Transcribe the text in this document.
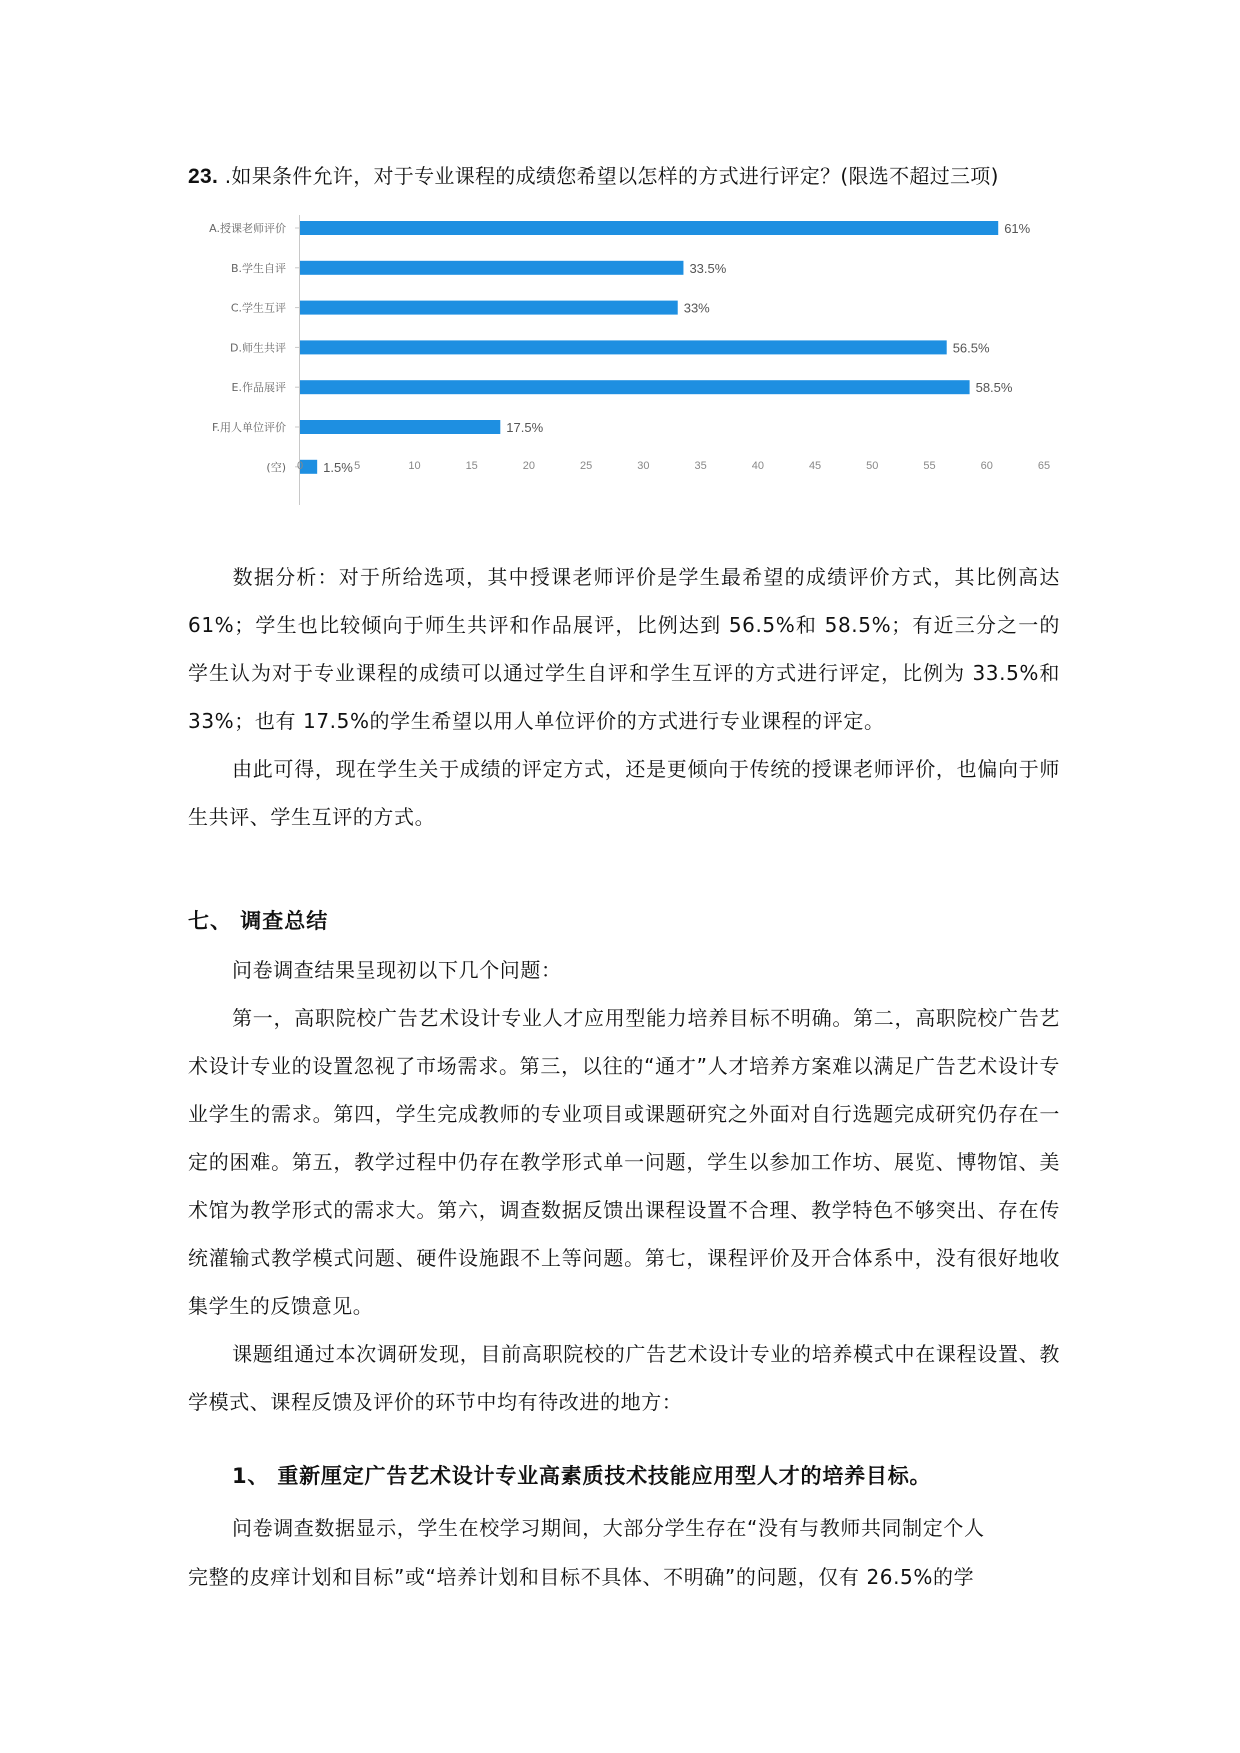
23. .如果条件允许，对于专业课程的成绩您希望以怎样的方式进行评定？(限选不超过三项)
A.授课老师评价	61%
B.学生自评	33.5%
C.学生互评	33%
D.师生共评	56.5%
E.作品展评	58.5%
F.用人单位评价	17.5%
(空)	1.5%
0	5	10	15	20	25	30	35	40	45	50	55	60	65

数据分析：对于所给选项，其中授课老师评价是学生最希望的成绩评价方式，其比例高达 61%；学生也比较倾向于师生共评和作品展评，比例达到 56.5%和 58.5%；有近三分之一的学生认为对于专业课程的成绩可以通过学生自评和学生互评的方式进行评定，比例为 33.5%和 33%；也有 17.5%的学生希望以用人单位评价的方式进行专业课程的评定。

由此可得，现在学生关于成绩的评定方式，还是更倾向于传统的授课老师评价，也偏向于师生共评、学生互评的方式。

七、 调查总结

问卷调查结果呈现初以下几个问题：

第一，高职院校广告艺术设计专业人才应用型能力培养目标不明确。第二，高职院校广告艺术设计专业的设置忽视了市场需求。第三，以往的“通才”人才培养方案难以满足广告艺术设计专业学生的需求。第四，学生完成教师的专业项目或课题研究之外面对自行选题完成研究仍存在一定的困难。第五，教学过程中仍存在教学形式单一问题，学生以参加工作坊、展览、博物馆、美术馆为教学形式的需求大。第六，调查数据反馈出课程设置不合理、教学特色不够突出、存在传统灌输式教学模式问题、硬件设施跟不上等问题。第七，课程评价及开合体系中，没有很好地收集学生的反馈意见。

课题组通过本次调研发现，目前高职院校的广告艺术设计专业的培养模式中在课程设置、教学模式、课程反馈及评价的环节中均有待改进的地方：

1、 重新厘定广告艺术设计专业高素质技术技能应用型人才的培养目标。
问卷调查数据显示，学生在校学习期间，大部分学生存在“没有与教师共同制定个人
完整的皮痒计划和目标”或“培养计划和目标不具体、不明确”的问题，仅有 26.5%的学
